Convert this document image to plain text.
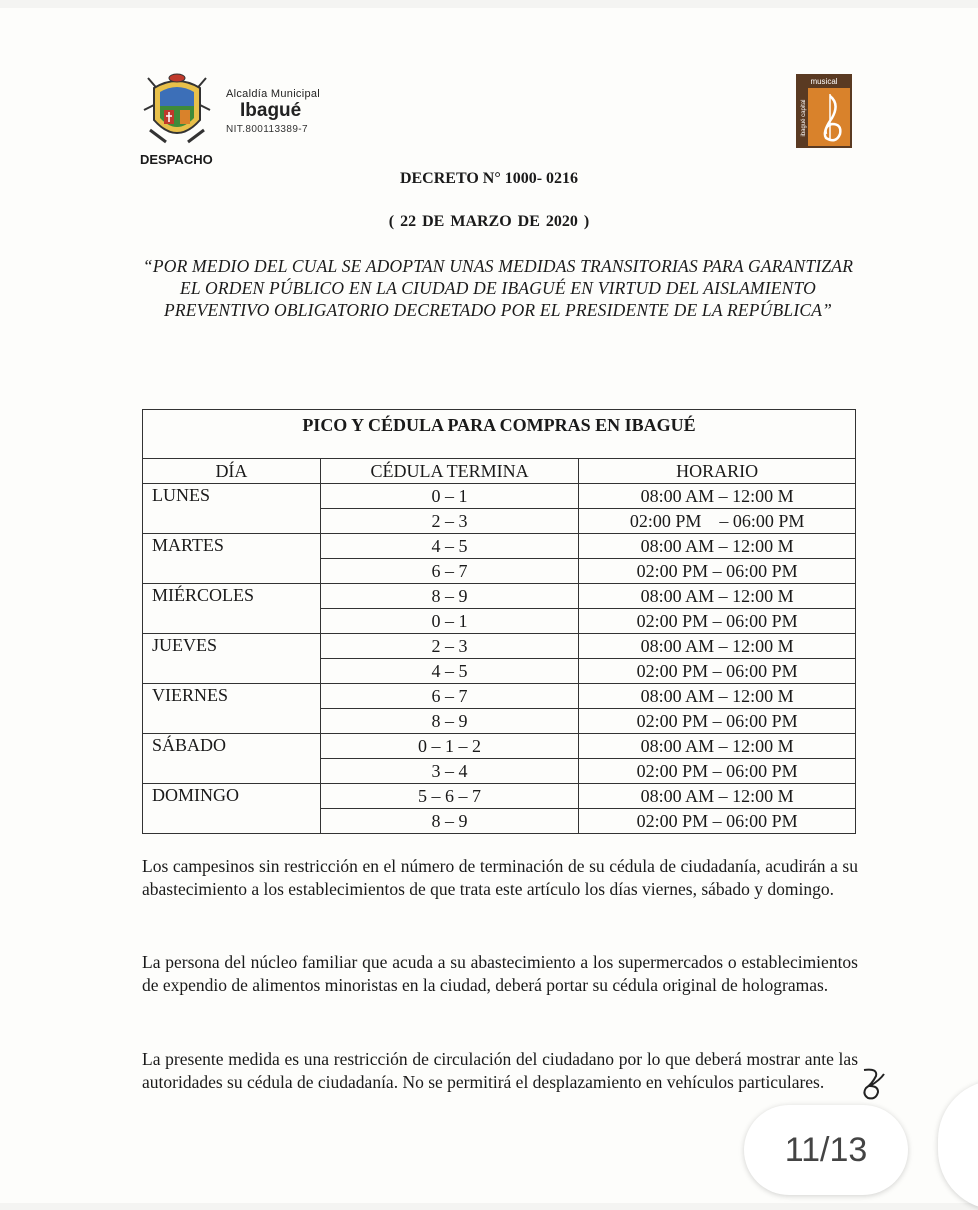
Alcaldía Municipal
Ibagué
NIT.800113389-7
DESPACHO
musical
ibagué capital
DECRETO N° 1000- 0216
( 22 DE MARZO DE 2020 )
“POR MEDIO DEL CUAL SE ADOPTAN UNAS MEDIDAS TRANSITORIAS PARA GARANTIZAR EL ORDEN PÚBLICO EN LA CIUDAD DE IBAGUÉ EN VIRTUD DEL AISLAMIENTO PREVENTIVO OBLIGATORIO DECRETADO POR EL PRESIDENTE DE LA REPÚBLICA”
PICO Y CÉDULA PARA COMPRAS EN IBAGUÉ		
DÍA	CÉDULA TERMINA	HORARIO
LUNES	0 – 1	08:00 AM – 12:00 M
	2 – 3	02:00 PM    – 06:00 PM
MARTES	4 – 5	08:00 AM – 12:00 M
	6 – 7	02:00 PM – 06:00 PM
MIÉRCOLES	8 – 9	08:00 AM – 12:00 M
	0 – 1	02:00 PM – 06:00 PM
JUEVES	2 – 3	08:00 AM – 12:00 M
	4 – 5	02:00 PM – 06:00 PM
VIERNES	6 – 7	08:00 AM – 12:00 M
	8 – 9	02:00 PM – 06:00 PM
SÁBADO	0 – 1 – 2	08:00 AM – 12:00 M
	3 – 4	02:00 PM – 06:00 PM
DOMINGO	5 – 6 – 7	08:00 AM – 12:00 M
	8 – 9	02:00 PM – 06:00 PM
Los campesinos sin restricción en el número de terminación de su cédula de ciudadanía, acudirán a su abastecimiento a los establecimientos de que trata este artículo los días viernes, sábado y domingo.
La persona del núcleo familiar que acuda a su abastecimiento a los supermercados o establecimientos de expendio de alimentos minoristas en la ciudad, deberá portar su cédula original de hologramas.
La presente medida es una restricción de circulación del ciudadano por lo que deberá mostrar ante las autoridades su cédula de ciudadanía. No se permitirá el desplazamiento en vehículos particulares.
11/13
